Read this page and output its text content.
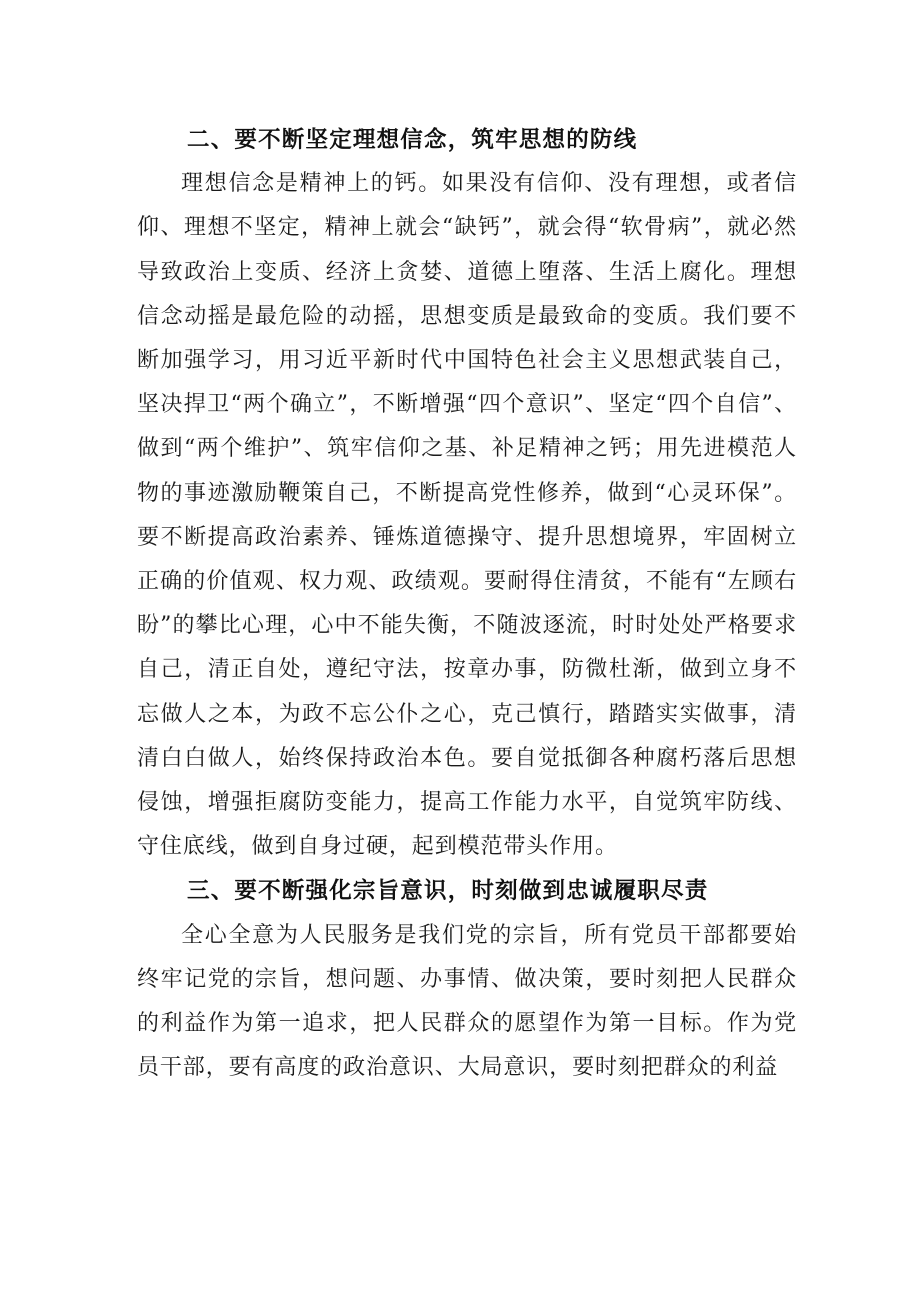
二、要不断坚定理想信念，筑牢思想的防线

理想信念是精神上的钙。如果没有信仰、没有理想，或者信仰、理想不坚定，精神上就会“缺钙”，就会得“软骨病”，就必然导致政治上变质、经济上贪婪、道德上堕落、生活上腐化。理想信念动摇是最危险的动摇，思想变质是最致命的变质。我们要不断加强学习，用习近平新时代中国特色社会主义思想武装自己，坚决捍卫“两个确立”，不断增强“四个意识”、坚定“四个自信”、做到“两个维护”、筑牢信仰之基、补足精神之钙；用先进模范人物的事迹激励鞭策自己，不断提高党性修养，做到“心灵环保”。要不断提高政治素养、锤炼道德操守、提升思想境界，牢固树立正确的价值观、权力观、政绩观。要耐得住清贫，不能有“左顾右盼”的攀比心理，心中不能失衡，不随波逐流，时时处处严格要求自己，清正自处，遵纪守法，按章办事，防微杜渐，做到立身不忘做人之本，为政不忘公仆之心，克己慎行，踏踏实实做事，清清白白做人，始终保持政治本色。要自觉抵御各种腐朽落后思想侵蚀，增强拒腐防变能力，提高工作能力水平，自觉筑牢防线、守住底线，做到自身过硬，起到模范带头作用。

三、要不断强化宗旨意识，时刻做到忠诚履职尽责

全心全意为人民服务是我们党的宗旨，所有党员干部都要始终牢记党的宗旨，想问题、办事情、做决策，要时刻把人民群众的利益作为第一追求，把人民群众的愿望作为第一目标。作为党员干部，要有高度的政治意识、大局意识，要时刻把群众的利益
